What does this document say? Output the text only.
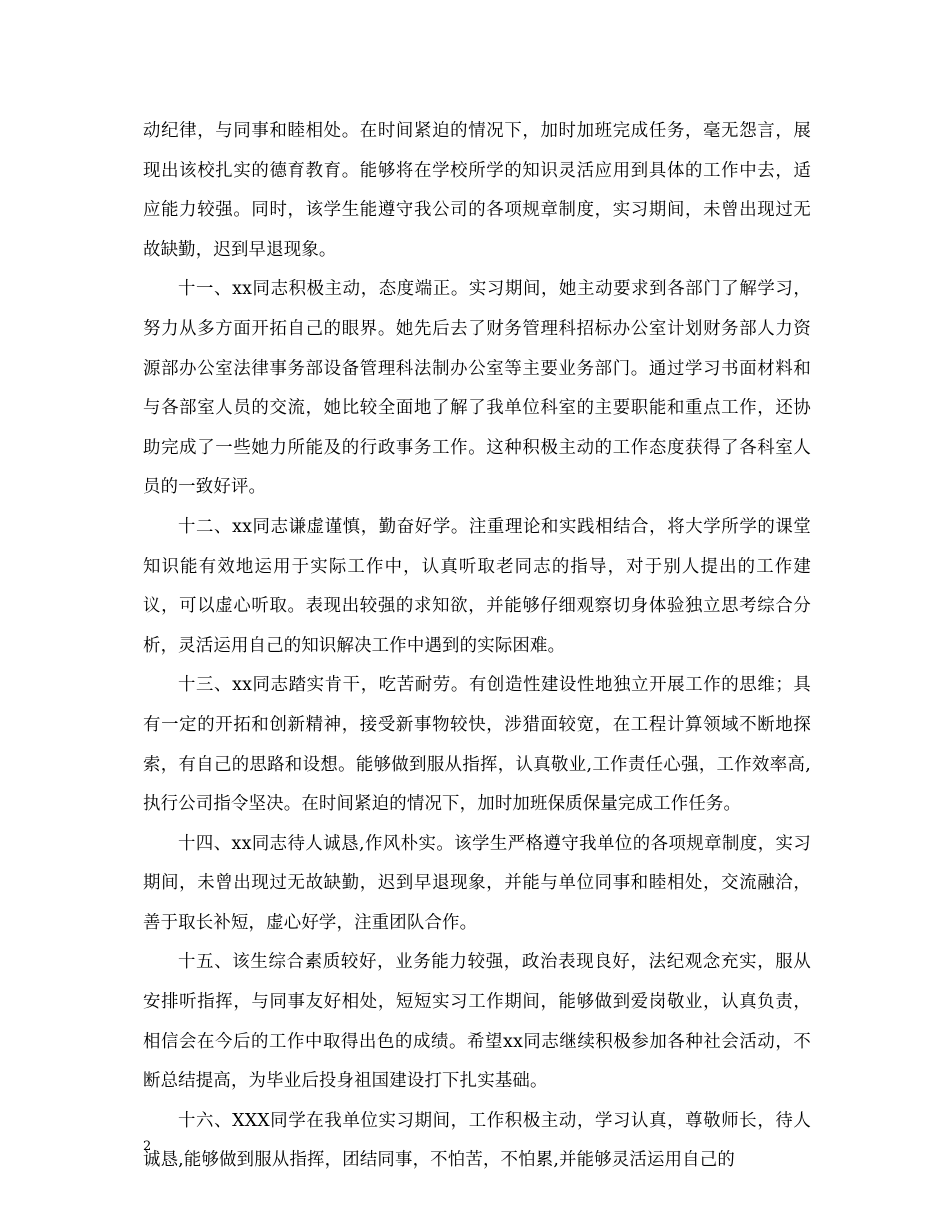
动纪律，与同事和睦相处。在时间紧迫的情况下，加时加班完成任务，毫无怨言，展现出该校扎实的德育教育。能够将在学校所学的知识灵活应用到具体的工作中去，适应能力较强。同时，该学生能遵守我公司的各项规章制度，实习期间，未曾出现过无故缺勤，迟到早退现象。

十一、xx同志积极主动，态度端正。实习期间，她主动要求到各部门了解学习，努力从多方面开拓自己的眼界。她先后去了财务管理科招标办公室计划财务部人力资源部办公室法律事务部设备管理科法制办公室等主要业务部门。通过学习书面材料和与各部室人员的交流，她比较全面地了解了我单位科室的主要职能和重点工作，还协助完成了一些她力所能及的行政事务工作。这种积极主动的工作态度获得了各科室人员的一致好评。

十二、xx同志谦虚谨慎，勤奋好学。注重理论和实践相结合，将大学所学的课堂知识能有效地运用于实际工作中，认真听取老同志的指导，对于别人提出的工作建议，可以虚心听取。表现出较强的求知欲，并能够仔细观察切身体验独立思考综合分析，灵活运用自己的知识解决工作中遇到的实际困难。

十三、xx同志踏实肯干，吃苦耐劳。有创造性建设性地独立开展工作的思维；具有一定的开拓和创新精神，接受新事物较快，涉猎面较宽，在工程计算领域不断地探索，有自己的思路和设想。能够做到服从指挥，认真敬业,工作责任心强，工作效率高,执行公司指令坚决。在时间紧迫的情况下，加时加班保质保量完成工作任务。

十四、xx同志待人诚恳,作风朴实。该学生严格遵守我单位的各项规章制度，实习期间，未曾出现过无故缺勤，迟到早退现象，并能与单位同事和睦相处，交流融洽，善于取长补短，虚心好学，注重团队合作。

十五、该生综合素质较好，业务能力较强，政治表现良好，法纪观念充实，服从安排听指挥，与同事友好相处，短短实习工作期间，能够做到爱岗敬业，认真负责，相信会在今后的工作中取得出色的成绩。希望xx同志继续积极参加各种社会活动，不断总结提高，为毕业后投身祖国建设打下扎实基础。

十六、XXX同学在我单位实习期间，工作积极主动，学习认真，尊敬师长，待人诚恳,能够做到服从指挥，团结同事，不怕苦，不怕累,并能够灵活运用自己的

2
